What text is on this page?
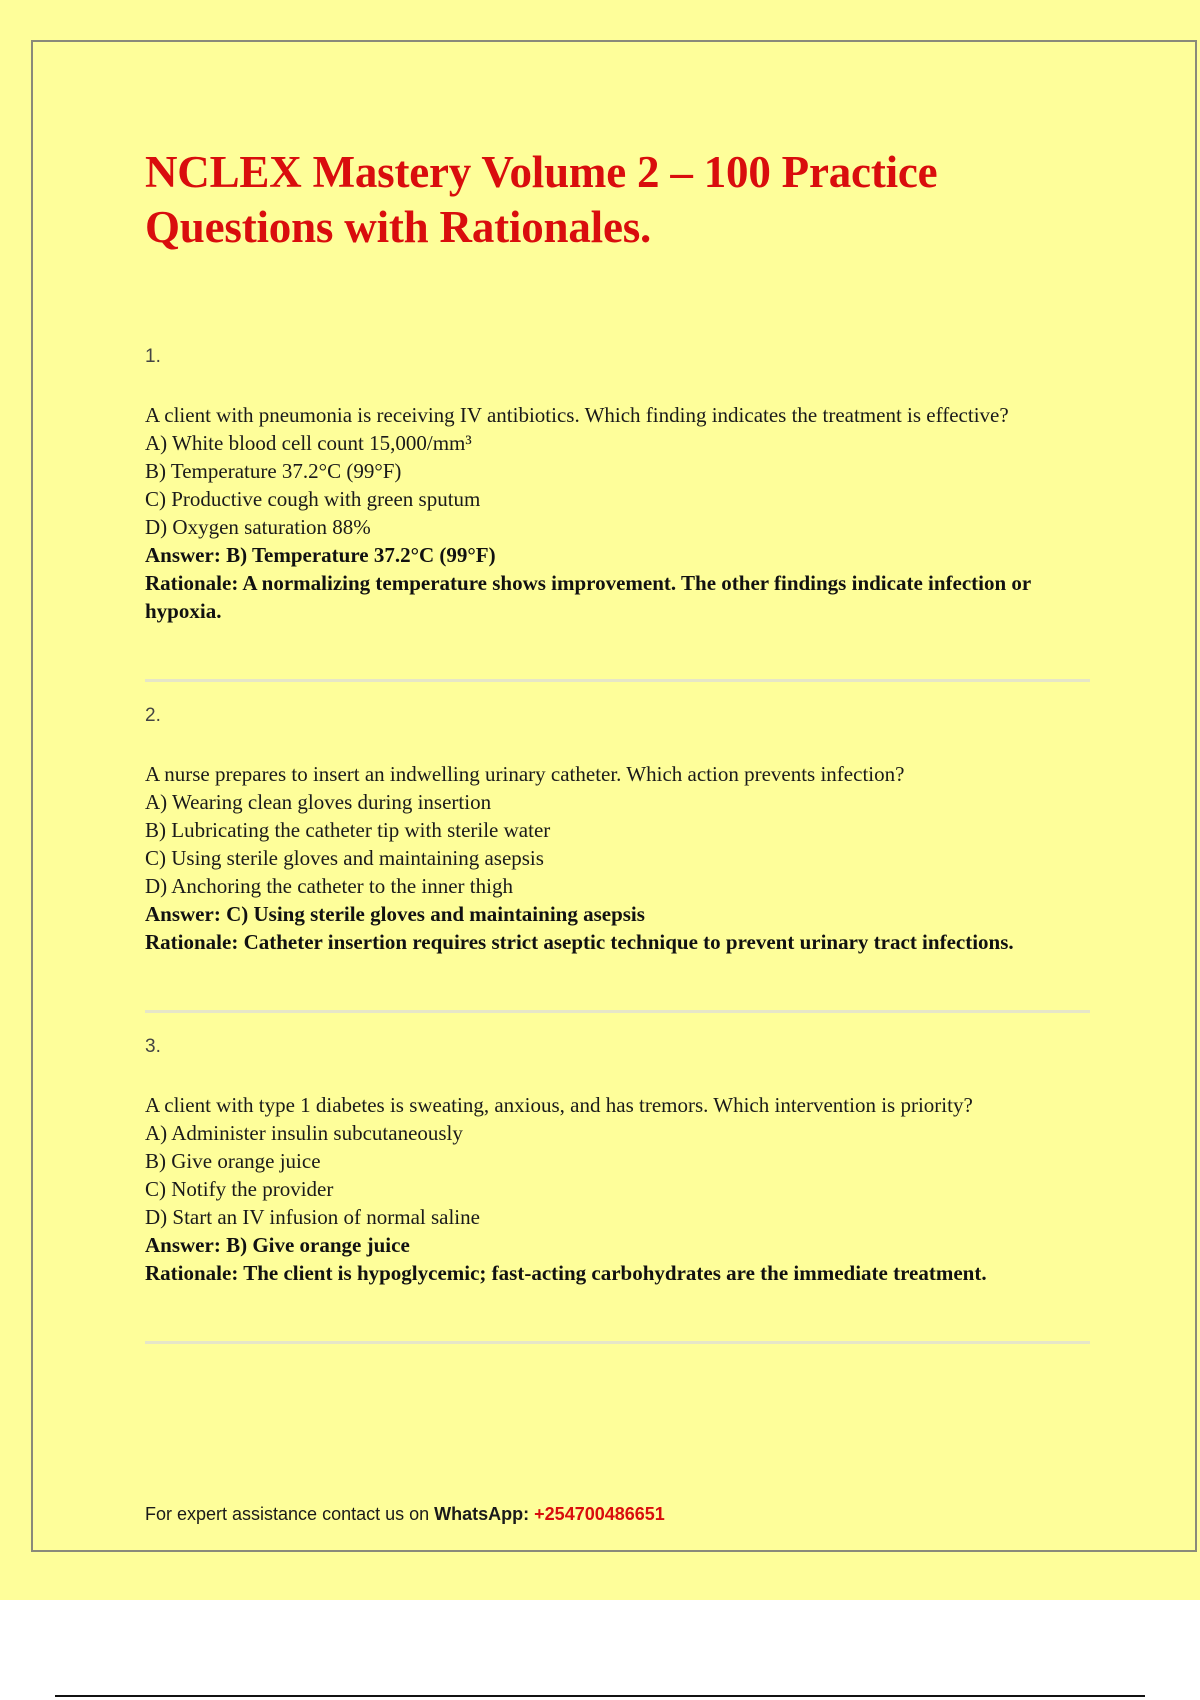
NCLEX Mastery Volume 2 – 100 Practice Questions with Rationales.
1.

A client with pneumonia is receiving IV antibiotics. Which finding indicates the treatment is effective?

A) White blood cell count 15,000/mm³

B) Temperature 37.2°C (99°F)

C) Productive cough with green sputum

D) Oxygen saturation 88%

Answer: B) Temperature 37.2°C (99°F)

Rationale: A normalizing temperature shows improvement. The other findings indicate infection or hypoxia.

2.

A nurse prepares to insert an indwelling urinary catheter. Which action prevents infection?

A) Wearing clean gloves during insertion

B) Lubricating the catheter tip with sterile water

C) Using sterile gloves and maintaining asepsis

D) Anchoring the catheter to the inner thigh

Answer: C) Using sterile gloves and maintaining asepsis

Rationale: Catheter insertion requires strict aseptic technique to prevent urinary tract infections.

3.

A client with type 1 diabetes is sweating, anxious, and has tremors. Which intervention is priority?

A) Administer insulin subcutaneously

B) Give orange juice

C) Notify the provider

D) Start an IV infusion of normal saline

Answer: B) Give orange juice

Rationale: The client is hypoglycemic; fast-acting carbohydrates are the immediate treatment.

For expert assistance contact us on WhatsApp: +254700486651
